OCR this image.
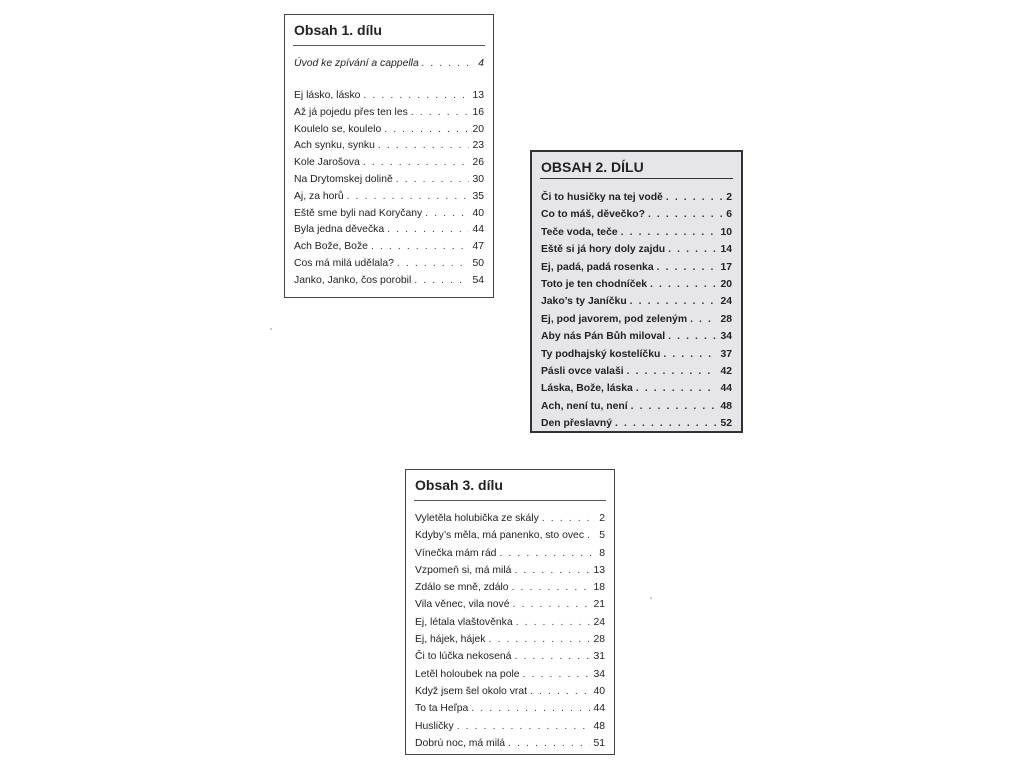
Obsah 1. dílu
Úvod ke zpívání a cappella . . .	4
Ej lásko, lásko . . .	13
Až já pojedu přes ten les . . .	16
Koulelo se, koulelo . . .	20
Ach synku, synku . . .	23
Kole Jarošova . . .	26
Na Drytomskej dolině . . .	30
Aj, za horů . . .	35
Eště sme byli nad Koryčany . . .	40
Byla jedna děvečka . . .	44
Ach Bože, Bože . . .	47
Cos má milá udělala? . . .	50
Janko, Janko, čos porobil . . .	54
OBSAH 2. DÍLU
Či to husičky na tej vodě . . .	2
Co to máš, děvečko? . . .	6
Teče voda, teče . . .	10
Eště si já hory doly zajdu . . .	14
Ej, padá, padá rosenka . . .	17
Toto je ten chodníček . . .	20
Jako’s ty Janíčku . . .	24
Ej, pod javorem, pod zeleným . . .	28
Aby nás Pán Bůh miloval . . .	34
Ty podhajský kostelíčku . . .	37
Pásli ovce valaši . . .	42
Láska, Bože, láska . . .	44
Ach, není tu, není . . .	48
Den přeslavný . . .	52
Obsah 3. dílu
Vyletěla holubička ze skály . . .	2
Kdyby’s měla, má panenko, sto ovec . . . 5
Vínečka mám rád . . .	8
Vzpomeň si, má milá . . .	13
Zdálo se mně, zdálo . . .	18
Vila věnec, vila nové . . .	21
Ej, létala vlaštověnka . . .	24
Ej, hájek, hájek . . .	28
Či to lúčka nekosená . . .	31
Letěl holoubek na pole . . .	34
Když jsem šel okolo vrat . . .	40
To ta Heľpa . . .	44
Husličky . . .	48
Dobrú noc, má milá . . .	51
